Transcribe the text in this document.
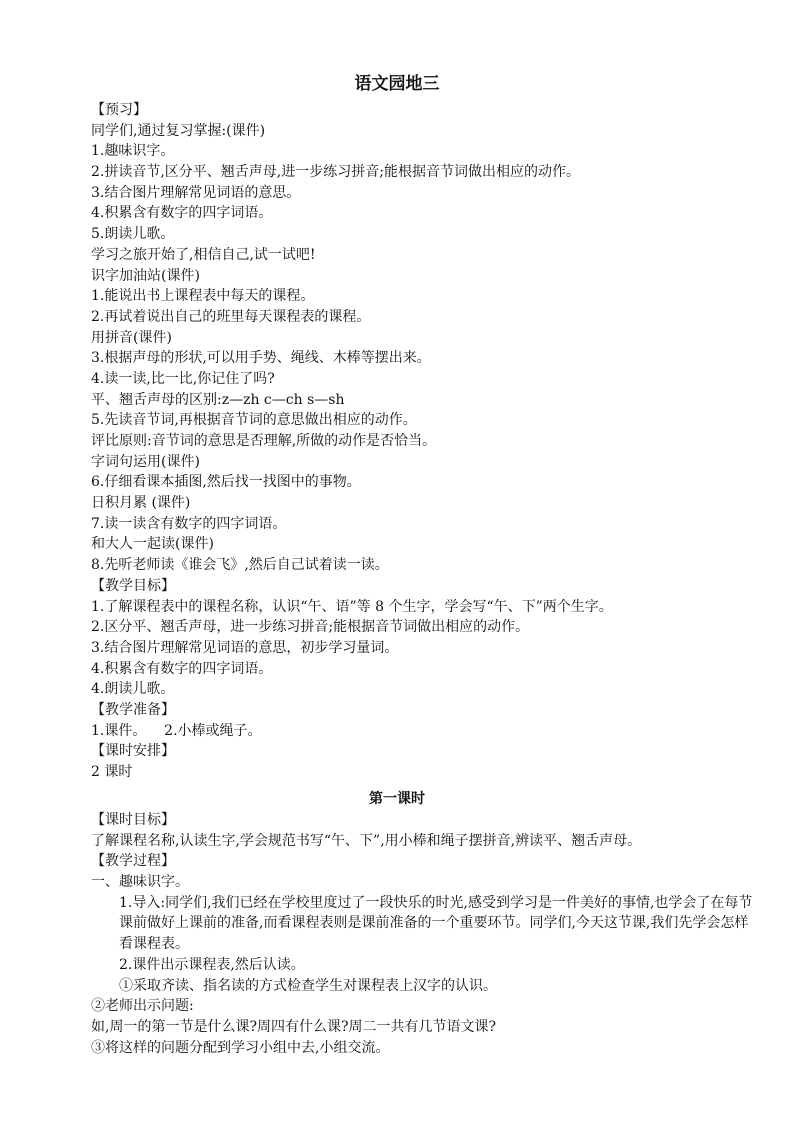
语文园地三
【预习】
同学们,通过复习掌握:(课件)
1.趣味识字。
2.拼读音节,区分平、翘舌声母,进一步练习拼音;能根据音节词做出相应的动作。
3.结合图片理解常见词语的意思。
4.积累含有数字的四字词语。
5.朗读儿歌。
学习之旅开始了,相信自己,试一试吧!
识字加油站(课件)
1.能说出书上课程表中每天的课程。
2.再试着说出自己的班里每天课程表的课程。
用拼音(课件)
3.根据声母的形状,可以用手势、绳线、木棒等摆出来。
4.读一读,比一比,你记住了吗?
平、翘舌声母的区别:z—zh c—ch s—sh
5.先读音节词,再根据音节词的意思做出相应的动作。
评比原则:音节词的意思是否理解,所做的动作是否恰当。
字词句运用(课件)
6.仔细看课本插图,然后找一找图中的事物。
日积月累 (课件)
7.读一读含有数字的四字词语。
和大人一起读(课件)
8.先听老师读《谁会飞》,然后自己试着读一读。
【教学目标】
1.了解课程表中的课程名称，认识“午、语”等 8 个生字，学会写“午、下”两个生字。
2.区分平、翘舌声母，进一步练习拼音;能根据音节词做出相应的动作。
3.结合图片理解常见词语的意思，初步学习量词。
4.积累含有数字的四字词语。
4.朗读儿歌。
【教学准备】
1.课件。    2.小棒或绳子。
【课时安排】
2 课时
第一课时
【课时目标】
了解课程名称,认读生字,学会规范书写“午、下”,用小棒和绳子摆拼音,辨读平、翘舌声母。
【教学过程】
一、趣味识字。
1.导入:同学们,我们已经在学校里度过了一段快乐的时光,感受到学习是一件美好的事情,也学会了在每节课前做好上课前的准备,而看课程表则是课前准备的一个重要环节。同学们,今天这节课,我们先学会怎样看课程表。
2.课件出示课程表,然后认读。
①采取齐读、指名读的方式检查学生对课程表上汉字的认识。
②老师出示问题:
如,周一的第一节是什么课?周四有什么课?周二一共有几节语文课?
③将这样的问题分配到学习小组中去,小组交流。
